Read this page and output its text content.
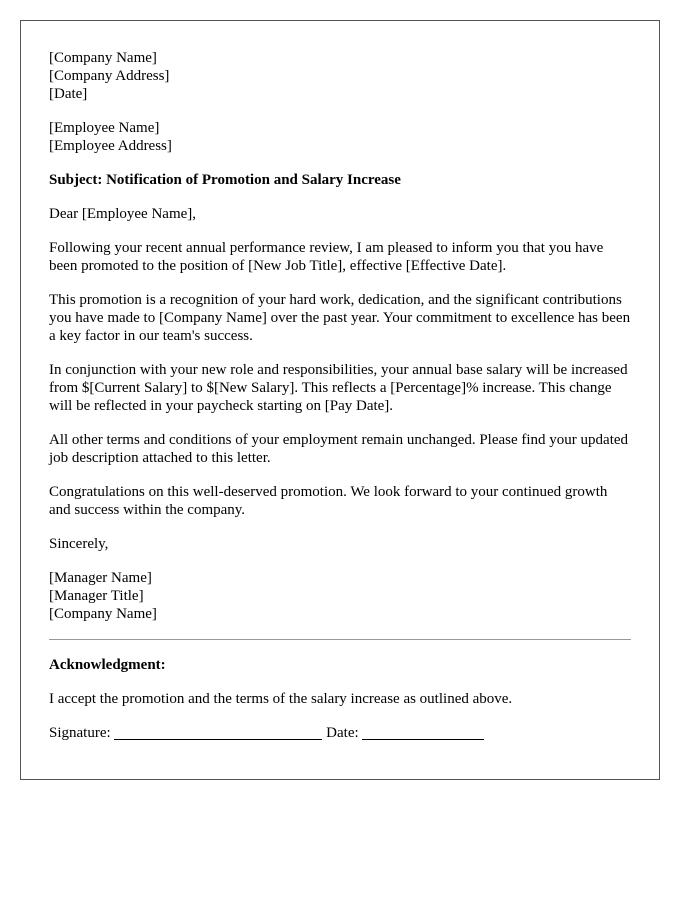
[Company Name]
[Company Address]
[Date]
[Employee Name]
[Employee Address]
Subject: Notification of Promotion and Salary Increase

Dear [Employee Name],

Following your recent annual performance review, I am pleased to inform you that you have been promoted to the position of [New Job Title], effective [Effective Date].

This promotion is a recognition of your hard work, dedication, and the significant contributions you have made to [Company Name] over the past year. Your commitment to excellence has been a key factor in our team's success.

In conjunction with your new role and responsibilities, your annual base salary will be increased from $[Current Salary] to $[New Salary]. This reflects a [Percentage]% increase. This change will be reflected in your paycheck starting on [Pay Date].

All other terms and conditions of your employment remain unchanged. Please find your updated job description attached to this letter.

Congratulations on this well-deserved promotion. We look forward to your continued growth and success within the company.

Sincerely,

[Manager Name]
[Manager Title]
[Company Name]
Acknowledgment:

I accept the promotion and the terms of the salary increase as outlined above.

Signature:	Date:
